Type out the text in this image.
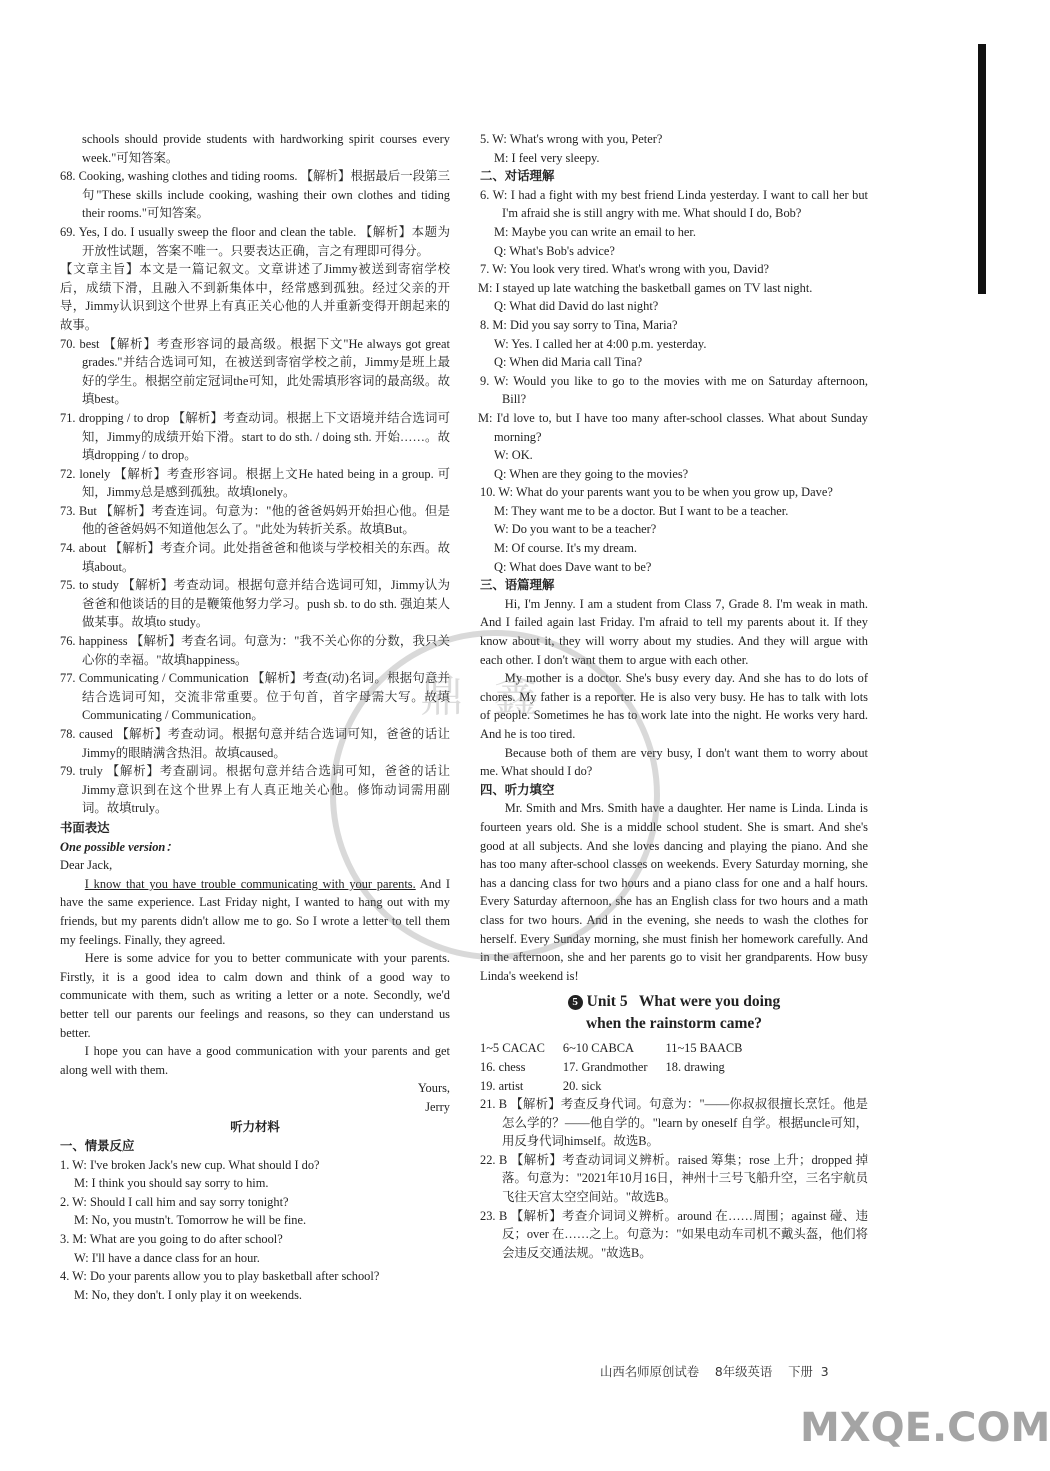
schools should provide students with hardworking spirit courses every week."可知答案。

68. Cooking, washing clothes and tiding rooms. 【解析】根据最后一段第三句"These skills include cooking, washing their own clothes and tiding their rooms."可知答案。

69. Yes, I do. I usually sweep the floor and clean the table. 【解析】本题为开放性试题，答案不唯一。只要表达正确，言之有理即可得分。

【文章主旨】本文是一篇记叙文。文章讲述了Jimmy被送到寄宿学校后，成绩下滑，且融入不到新集体中，经常感到孤独。经过父亲的开导，Jimmy认识到这个世界上有真正关心他的人并重新变得开朗起来的故事。

70. best 【解析】考查形容词的最高级。根据下文"He always got great grades."并结合选词可知，在被送到寄宿学校之前，Jimmy是班上最好的学生。根据空前定冠词the可知，此处需填形容词的最高级。故填best。

71. dropping / to drop 【解析】考查动词。根据上下文语境并结合选词可知，Jimmy的成绩开始下滑。start to do sth. / doing sth. 开始……。故填dropping / to drop。

72. lonely 【解析】考查形容词。根据上文He hated being in a group. 可知，Jimmy总是感到孤独。故填lonely。

73. But 【解析】考查连词。句意为："他的爸爸妈妈开始担心他。但是他的爸爸妈妈不知道他怎么了。"此处为转折关系。故填But。

74. about 【解析】考查介词。此处指爸爸和他谈与学校相关的东西。故填about。

75. to study 【解析】考查动词。根据句意并结合选词可知，Jimmy认为爸爸和他谈话的目的是鞭策他努力学习。push sb. to do sth. 强迫某人做某事。故填to study。

76. happiness 【解析】考查名词。句意为："我不关心你的分数，我只关心你的幸福。"故填happiness。

77. Communicating / Communication 【解析】考查(动)名词。根据句意并结合选词可知，交流非常重要。位于句首，首字母需大写。故填Communicating / Communication。

78. caused 【解析】考查动词。根据句意并结合选词可知，爸爸的话让Jimmy的眼睛满含热泪。故填caused。

79. truly 【解析】考查副词。根据句意并结合选词可知，爸爸的话让Jimmy意识到在这个世界上有人真正地关心他。修饰动词需用副词。故填truly。

书面表达

One possible version：

Dear Jack,

I know that you have trouble communicating with your parents. And I have the same experience. Last Friday night, I wanted to hang out with my friends, but my parents didn't allow me to go. So I wrote a letter to tell them my feelings. Finally, they agreed.

Here is some advice for you to better communicate with your parents. Firstly, it is a good idea to calm down and think of a good way to communicate with them, such as writing a letter or a note. Secondly, we'd better tell our parents our feelings and reasons, so they can understand us better.

I hope you can have a good communication with your parents and get along well with them.

Yours,

Jerry

听力材料

一、情景反应

1. W: I've broken Jack's new cup. What should I do?

M: I think you should say sorry to him.

2. W: Should I call him and say sorry tonight?

M: No, you mustn't. Tomorrow he will be fine.

3. M: What are you going to do after school?

W: I'll have a dance class for an hour.

4. W: Do your parents allow you to play basketball after school?

M: No, they don't. I only play it on weekends.

5. W: What's wrong with you, Peter?

M: I feel very sleepy.

二、对话理解

6. W: I had a fight with my best friend Linda yesterday. I want to call her but I'm afraid she is still angry with me. What should I do, Bob?

M: Maybe you can write an email to her.

Q: What's Bob's advice?

7. W: You look very tired. What's wrong with you, David?

M: I stayed up late watching the basketball games on TV last night.

Q: What did David do last night?

8. M: Did you say sorry to Tina, Maria?

W: Yes. I called her at 4:00 p.m. yesterday.

Q: When did Maria call Tina?

9. W: Would you like to go to the movies with me on Saturday afternoon, Bill?

M: I'd love to, but I have too many after-school classes. What about Sunday morning?

W: OK.

Q: When are they going to the movies?

10. W: What do your parents want you to be when you grow up, Dave?

M: They want me to be a doctor. But I want to be a teacher.

W: Do you want to be a teacher?

M: Of course. It's my dream.

Q: What does Dave want to be?

三、语篇理解

Hi, I'm Jenny. I am a student from Class 7, Grade 8. I'm weak in math. And I failed again last Friday. I'm afraid to tell my parents about it. If they know about it, they will worry about my studies. And they will argue with each other. I don't want them to argue with each other.

My mother is a doctor. She's busy every day. And she has to do lots of chores. My father is a reporter. He is also very busy. He has to talk with lots of people. Sometimes he has to work late into the night. He works very hard. And he is too tired.

Because both of them are very busy, I don't want them to worry about me. What should I do?

四、听力填空

Mr. Smith and Mrs. Smith have a daughter. Her name is Linda. Linda is fourteen years old. She is a middle school student. She is smart. And she's good at all subjects. And she loves dancing and playing the piano. And she has too many after-school classes on weekends. Every Saturday morning, she has a dancing class for two hours and a piano class for one and a half hours. Every Saturday afternoon, she has an English class for two hours and a math class for two hours. And in the evening, she needs to wash the clothes for herself. Every Sunday morning, she must finish her homework carefully. And in the afternoon, she and her parents go to visit her grandparents. How busy Linda's weekend is!

5 Unit 5   What were you doing
when the rainstorm came?
1~5 CACAC	6~10 CABCA	11~15 BAACB
16. chess	17. Grandmother	18. drawing
19. artist	20. sick	

21. B 【解析】考查反身代词。句意为："——你叔叔很擅长烹饪。他是怎么学的？——他自学的。"learn by oneself 自学。根据uncle可知，用反身代词himself。故选B。

22. B 【解析】考查动词词义辨析。raised 筹集；rose 上升；dropped 掉落。句意为："2021年10月16日，神州十三号飞船升空，三名宇航员飞往天宫太空空间站。"故选B。

23. B 【解析】考查介词词义辨析。around 在……周围；against 碰、违反；over 在……之上。句意为："如果电动车司机不戴头盔，他们将会违反交通法规。"故选B。

鼎 鑫
山西名师原创试卷    8年级英语    下册  3
MXQE.COM
